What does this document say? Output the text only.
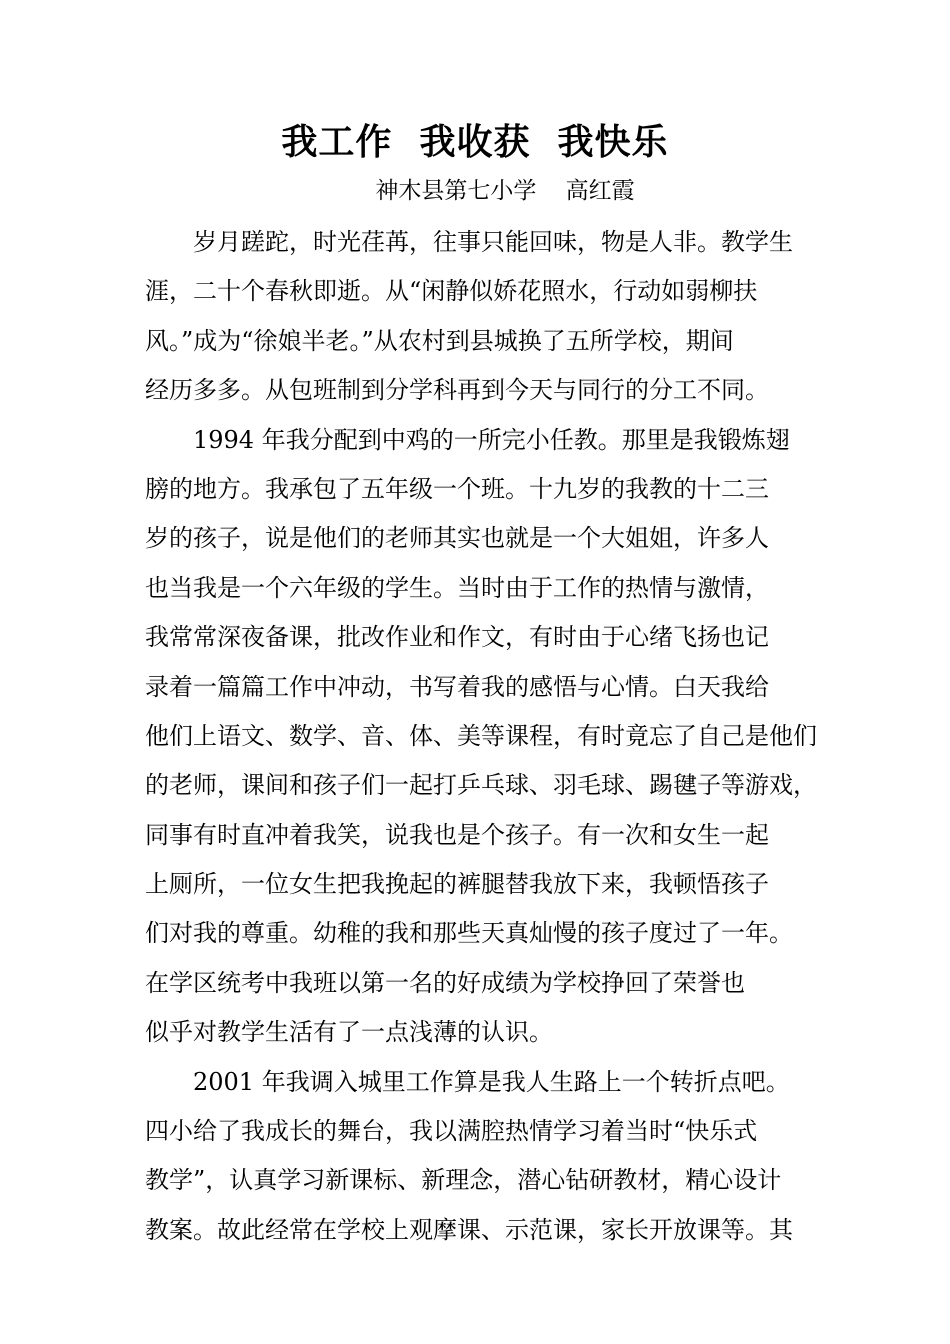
我工作  我收获  我快乐
神木县第七小学    高红霞
岁月蹉跎，时光荏苒，往事只能回味，物是人非。教学生
涯，二十个春秋即逝。从“闲静似娇花照水，行动如弱柳扶
风。”成为“徐娘半老。”从农村到县城换了五所学校，期间
经历多多。从包班制到分学科再到今天与同行的分工不同。
1994 年我分配到中鸡的一所完小任教。那里是我锻炼翅
膀的地方。我承包了五年级一个班。十九岁的我教的十二三
岁的孩子，说是他们的老师其实也就是一个大姐姐，许多人
也当我是一个六年级的学生。当时由于工作的热情与激情，
我常常深夜备课，批改作业和作文，有时由于心绪飞扬也记
录着一篇篇工作中冲动，书写着我的感悟与心情。白天我给
他们上语文、数学、音、体、美等课程，有时竟忘了自己是他们
的老师，课间和孩子们一起打乒乓球、羽毛球、踢毽子等游戏，
同事有时直冲着我笑，说我也是个孩子。有一次和女生一起
上厕所，一位女生把我挽起的裤腿替我放下来，我顿悟孩子
们对我的尊重。幼稚的我和那些天真灿慢的孩子度过了一年。
在学区统考中我班以第一名的好成绩为学校挣回了荣誉也
似乎对教学生活有了一点浅薄的认识。
2001 年我调入城里工作算是我人生路上一个转折点吧。
四小给了我成长的舞台，我以满腔热情学习着当时“快乐式
教学”，认真学习新课标、新理念，潜心钻研教材，精心设计
教案。故此经常在学校上观摩课、示范课，家长开放课等。其
